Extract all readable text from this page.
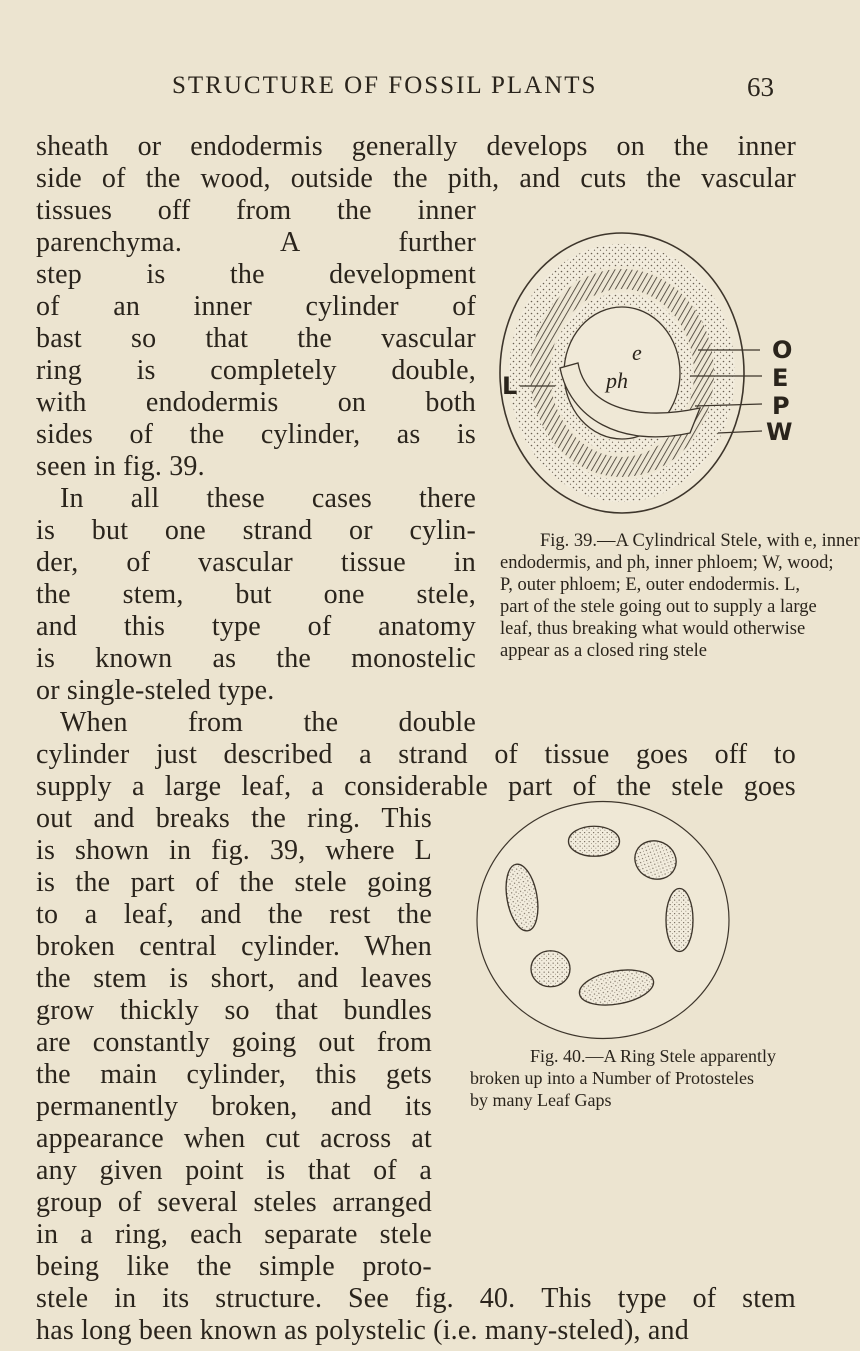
STRUCTURE OF FOSSIL PLANTS	63
sheath or endodermis generally develops on the inner
side of the wood, outside the pith, and cuts the vascular
tissues off from the inner
parenchyma.	A	further
step is the development
of an inner cylinder of
bast so that the vascular
ring is completely double,
with endodermis on both
sides of the cylinder, as is
seen in fig. 39.
In all these cases there
is but one strand or cylin-
der, of vascular tissue in
the stem, but one stele,
and this type of anatomy
is known as the monostelic
or single-steled type.
When from the double
cylinder just described a strand of tissue goes off to
supply a large leaf, a considerable part of the stele goes
out and breaks the ring. This
is shown in fig. 39, where L
is the part of the stele going
to a leaf, and the rest the
broken central cylinder. When
the stem is short, and leaves
grow thickly so that bundles
are constantly going out from
the main cylinder, this gets
permanently broken, and its
appearance when cut across at
any given point is that of a
group of several steles arranged
in a ring, each separate stele
being like the simple proto-
stele in its structure. See fig. 40. This type of stem
has long been known as polystelic (i.e. many-steled), and
O
E
P
W
L
e
ph
Fig. 39.—A Cylindrical Stele, with e, inner
endodermis, and ph, inner phloem; W, wood;
P, outer phloem; E, outer endodermis. L,
part of the stele going out to supply a large
leaf, thus breaking what would otherwise
appear as a closed ring stele
Fig. 40.—A Ring Stele apparently
broken up into a Number of Protosteles
by many Leaf Gaps
